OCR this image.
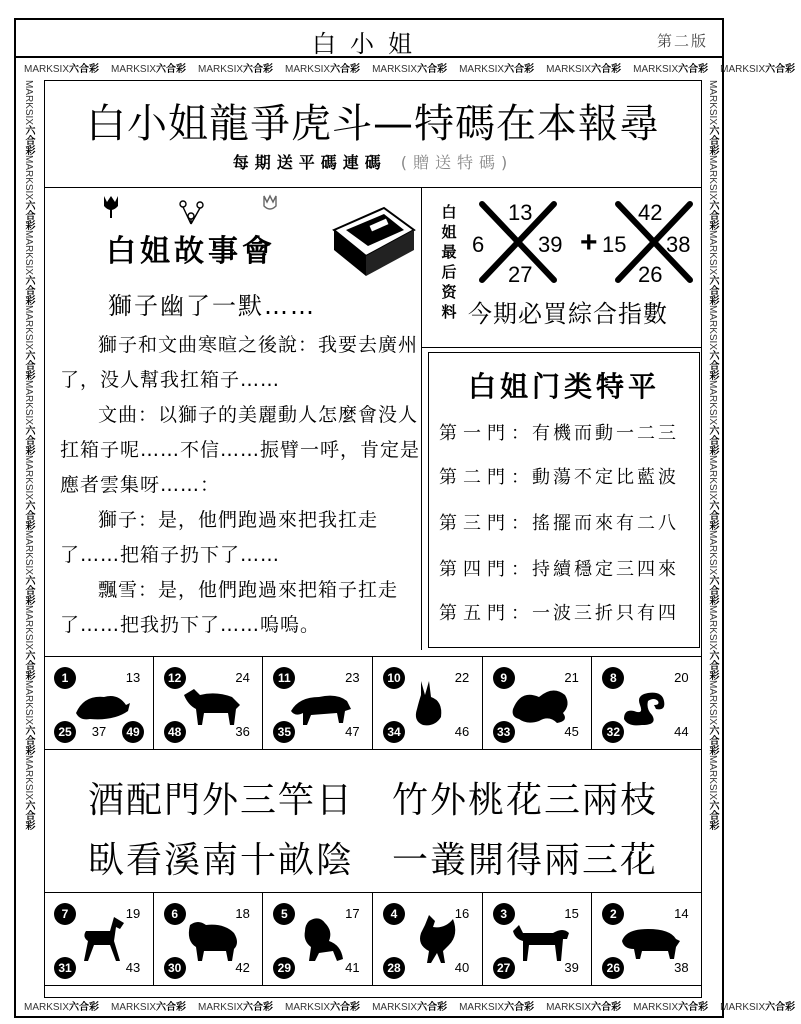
白小姐	第二版
MARKSIX六合彩 MARKSIX六合彩 MARKSIX六合彩 MARKSIX六合彩 MARKSIX六合彩 MARKSIX六合彩 MARKSIX六合彩 MARKSIX六合彩 MARKSIX六合彩
MARKSIX六合彩 MARKSIX六合彩 MARKSIX六合彩 MARKSIX六合彩 MARKSIX六合彩 MARKSIX六合彩 MARKSIX六合彩 MARKSIX六合彩 MARKSIX六合彩
MARKSIX六合彩MARKSIX六合彩MARKSIX六合彩MARKSIX六合彩MARKSIX六合彩MARKSIX六合彩MARKSIX六合彩MARKSIX六合彩MARKSIX六合彩MARKSIX六合彩
MARKSIX六合彩MARKSIX六合彩MARKSIX六合彩MARKSIX六合彩MARKSIX六合彩MARKSIX六合彩MARKSIX六合彩MARKSIX六合彩MARKSIX六合彩MARKSIX六合彩
白小姐龍爭虎斗—特碼在本報尋
每期送平碼連碼 (贈送特碼)
白姐故事會
獅子幽了一默……

獅子和文曲寒暄之後說：我要去廣州了，没人幫我扛箱子……

文曲：以獅子的美麗動人怎麼會没人扛箱子呢……不信……振臂一呼，肯定是應者雲集呀……：

獅子：是，他們跑過來把我扛走了……把箱子扔下了……

飄雪：是，他們跑過來把箱子扛走了……把我扔下了……嗚嗚。

白姐最后资料
13
6 39
27
+
42
15 38
26
今期必買綜合指數
白姐门类特平
第一門：有機而動一二三
第二門：動蕩不定比藍波
第三門：搖擺而來有二八
第四門：持續穩定三四來
第五門：一波三折只有四
1	13
25	37	49
12	24
48	36
11	23
35	47
10	22
34	46
9	21
33	45
8	20
32	44
酒配門外三竿日　竹外桃花三兩枝
臥看溪南十畝陰　一叢開得兩三花
7	19
31	43
6	18
30	42
5	17
29	41
4	16
28	40
3	15
27	39
2	14
26	38
